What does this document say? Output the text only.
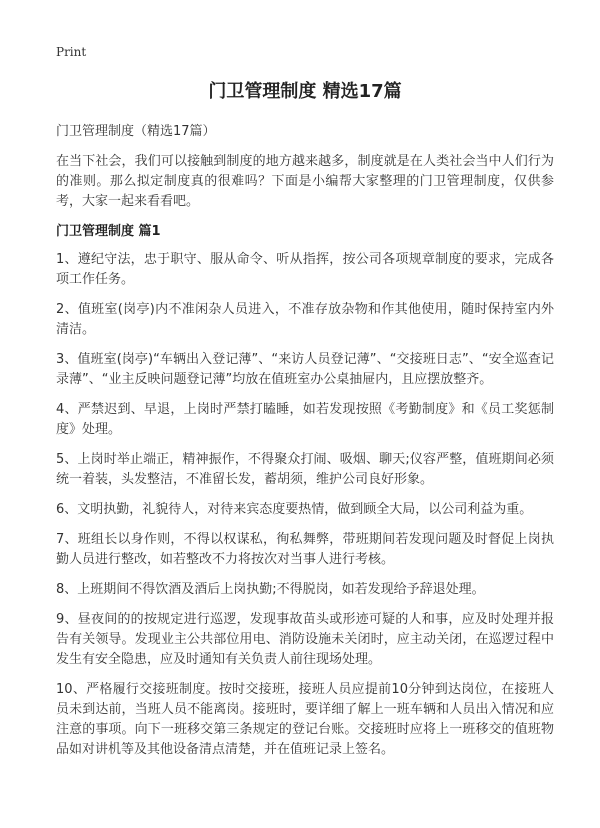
Print
门卫管理制度 精选17篇
门卫管理制度（精选17篇）
在当下社会，我们可以接触到制度的地方越来越多，制度就是在人类社会当中人们行为的准则。那么拟定制度真的很难吗？下面是小编帮大家整理的门卫管理制度，仅供参考，大家一起来看看吧。
门卫管理制度 篇1
1、遵纪守法，忠于职守、服从命令、听从指挥，按公司各项规章制度的要求，完成各项工作任务。
2、值班室(岗亭)内不准闲杂人员进入，不准存放杂物和作其他使用，随时保持室内外清洁。
3、值班室(岗亭)“车辆出入登记薄”、“来访人员登记薄”、“交接班日志”、“安全巡查记录薄”、“业主反映问题登记薄”均放在值班室办公桌抽屉内，且应摆放整齐。
4、严禁迟到、早退，上岗时严禁打瞌睡，如若发现按照《考勤制度》和《员工奖惩制度》处理。
5、上岗时举止端正，精神振作，不得聚众打闹、吸烟、聊天;仪容严整，值班期间必须统一着装，头发整洁，不准留长发，蓄胡须，维护公司良好形象。
6、文明执勤，礼貌待人，对待来宾态度要热情，做到顾全大局，以公司利益为重。
7、班组长以身作则，不得以权谋私，徇私舞弊，带班期间若发现问题及时督促上岗执勤人员进行整改，如若整改不力将按次对当事人进行考核。
8、上班期间不得饮酒及酒后上岗执勤;不得脱岗，如若发现给予辞退处理。
9、昼夜间的的按规定进行巡逻，发现事故苗头或形迹可疑的人和事，应及时处理并报告有关领导。发现业主公共部位用电、消防设施未关闭时，应主动关闭，在巡逻过程中发生有安全隐患，应及时通知有关负责人前往现场处理。
10、严格履行交接班制度。按时交接班，接班人员应提前10分钟到达岗位，在接班人员未到达前，当班人员不能离岗。接班时，要详细了解上一班车辆和人员出入情况和应注意的事项。向下一班移交第三条规定的登记台账。交接班时应将上一班移交的值班物品如对讲机等及其他设备清点清楚，并在值班记录上签名。
